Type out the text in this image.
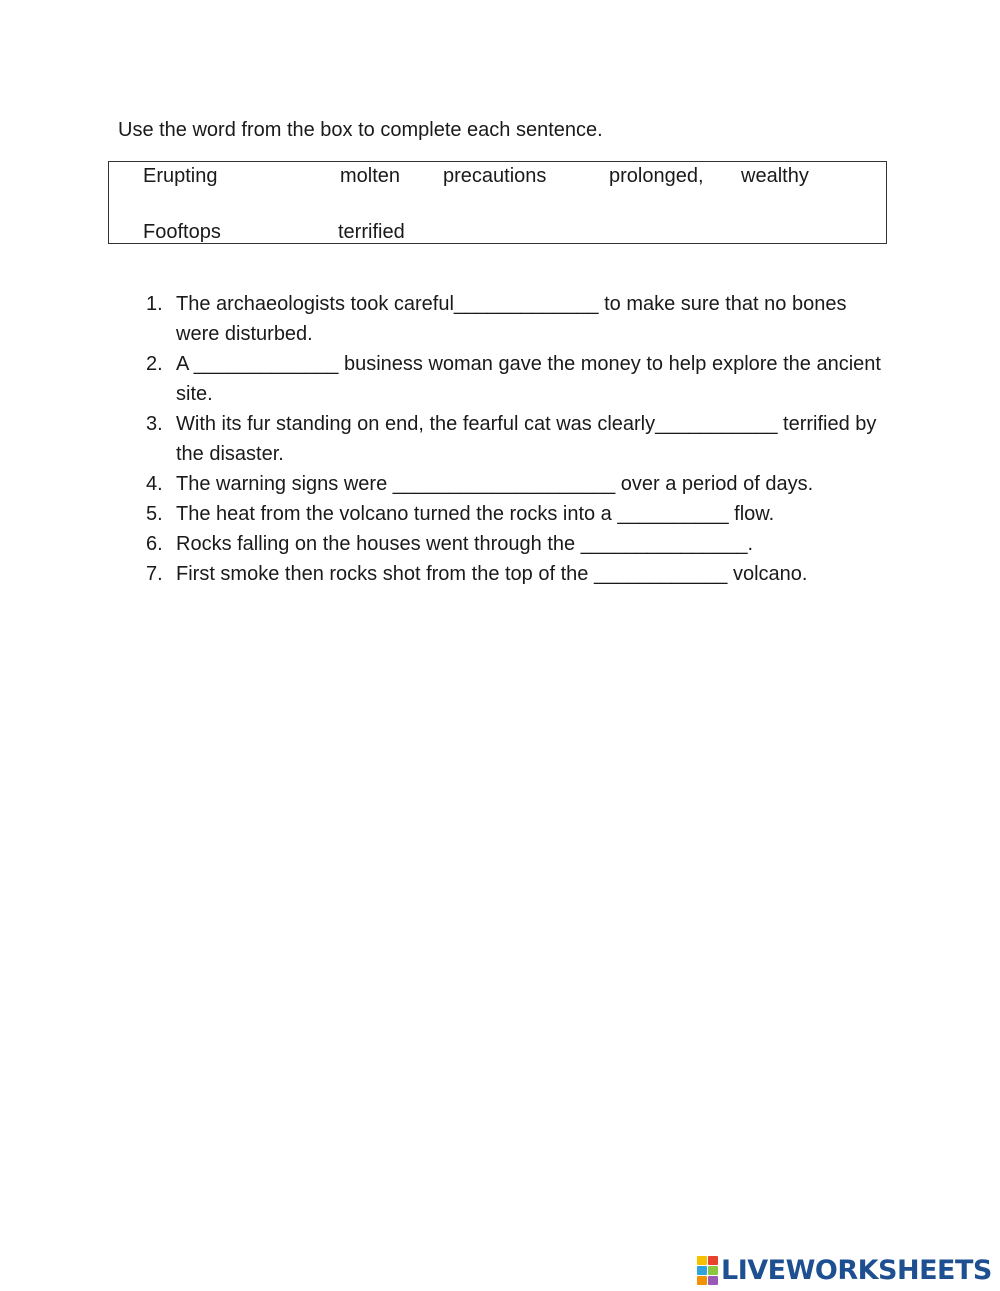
Use the word from the box to complete each sentence.
Erupting	molten precautions	prolonged, wealthy
Fooftops	terrified
1. The archaeologists took careful_____________ to make sure that no bones were disturbed.
2. A _____________ business woman gave the money to help explore the ancient site.
3. With its fur standing on end, the fearful cat was clearly___________ terrified by the disaster.
4. The warning signs were ____________________ over a period of days.
5. The heat from the volcano turned the rocks into a __________ flow.
6. Rocks falling on the houses went through the _______________.
7. First smoke then rocks shot from the top of the ____________ volcano.
LIVEWORKSHEETS
